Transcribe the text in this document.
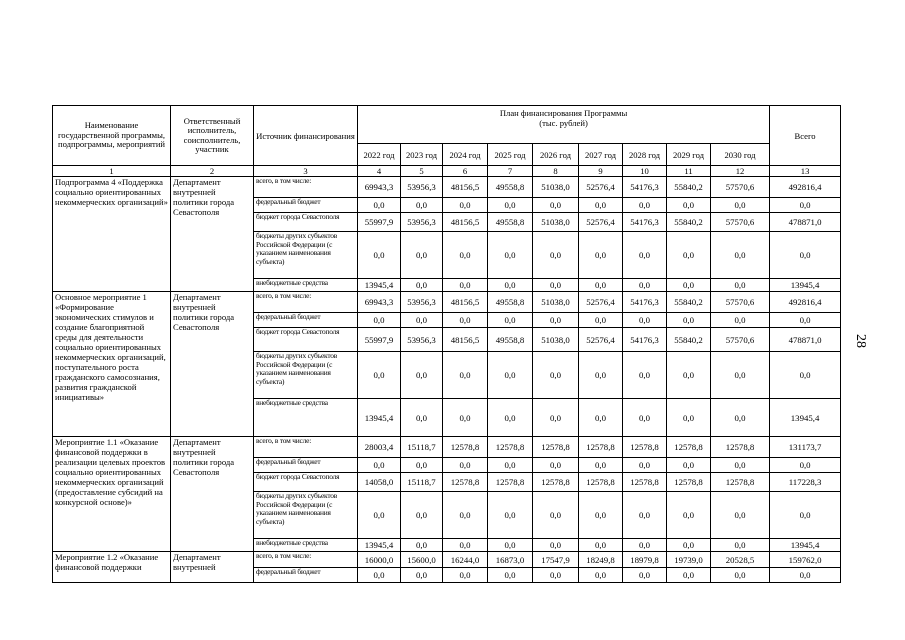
Наименование государственной программы, подпрограммы, мероприятий	Ответственный исполнитель, соисполнитель, участник	Источник финансирования	План финансирования Программы
(тыс. рублей)									Всего
			2022 год	2023 год	2024 год	2025 год	2026 год	2027 год	2028 год	2029 год	2030 год	
1	2	3	4	5	6	7	8	9	10	11	12	13
Подпрограмма 4 «Поддержка социально ориентированных некоммерческих организаций»	Департамент внутренней политики города Севастополя	всего, в том числе:	69943,3	53956,3	48156,5	49558,8	51038,0	52576,4	54176,3	55840,2	57570,6	492816,4
		федеральный бюджет	0,0	0,0	0,0	0,0	0,0	0,0	0,0	0,0	0,0	0,0
		бюджет города Севастополя	55997,9	53956,3	48156,5	49558,8	51038,0	52576,4	54176,3	55840,2	57570,6	478871,0
		бюджеты других субъектов Российской Федерации (с указанием наименования субъекта)	0,0	0,0	0,0	0,0	0,0	0,0	0,0	0,0	0,0	0,0
		внебюджетные средства	13945,4	0,0	0,0	0,0	0,0	0,0	0,0	0,0	0,0	13945,4
Основное мероприятие 1 «Формирование экономических стимулов и создание благоприятной среды для деятельности социально ориентированных некоммерческих организаций, поступательного роста гражданского самосознания, развития гражданской инициативы»	Департамент внутренней политики города Севастополя	всего, в том числе:	69943,3	53956,3	48156,5	49558,8	51038,0	52576,4	54176,3	55840,2	57570,6	492816,4
		федеральный бюджет	0,0	0,0	0,0	0,0	0,0	0,0	0,0	0,0	0,0	0,0
		бюджет города Севастополя	55997,9	53956,3	48156,5	49558,8	51038,0	52576,4	54176,3	55840,2	57570,6	478871,0
		бюджеты других субъектов Российской Федерации (с указанием наименования субъекта)	0,0	0,0	0,0	0,0	0,0	0,0	0,0	0,0	0,0	0,0
		внебюджетные средства	13945,4	0,0	0,0	0,0	0,0	0,0	0,0	0,0	0,0	13945,4
Мероприятие 1.1 «Оказание финансовой поддержки в реализации целевых проектов социально ориентированных некоммерческих организаций (предоставление субсидий на конкурсной основе)»	Департамент внутренней политики города Севастополя	всего, в том числе:	28003,4	15118,7	12578,8	12578,8	12578,8	12578,8	12578,8	12578,8	12578,8	131173,7
		федеральный бюджет	0,0	0,0	0,0	0,0	0,0	0,0	0,0	0,0	0,0	0,0
		бюджет города Севастополя	14058,0	15118,7	12578,8	12578,8	12578,8	12578,8	12578,8	12578,8	12578,8	117228,3
		бюджеты других субъектов Российской Федерации (с указанием наименования субъекта)	0,0	0,0	0,0	0,0	0,0	0,0	0,0	0,0	0,0	0,0
		внебюджетные средства	13945,4	0,0	0,0	0,0	0,0	0,0	0,0	0,0	0,0	13945,4
Мероприятие 1.2 «Оказание финансовой поддержки	Департамент внутренней	всего, в том числе:	16000,0	15600,0	16244,0	16873,0	17547,9	18249,8	18979,8	19739,0	20528,5	159762,0
		федеральный бюджет	0,0	0,0	0,0	0,0	0,0	0,0	0,0	0,0	0,0	0,0
28
